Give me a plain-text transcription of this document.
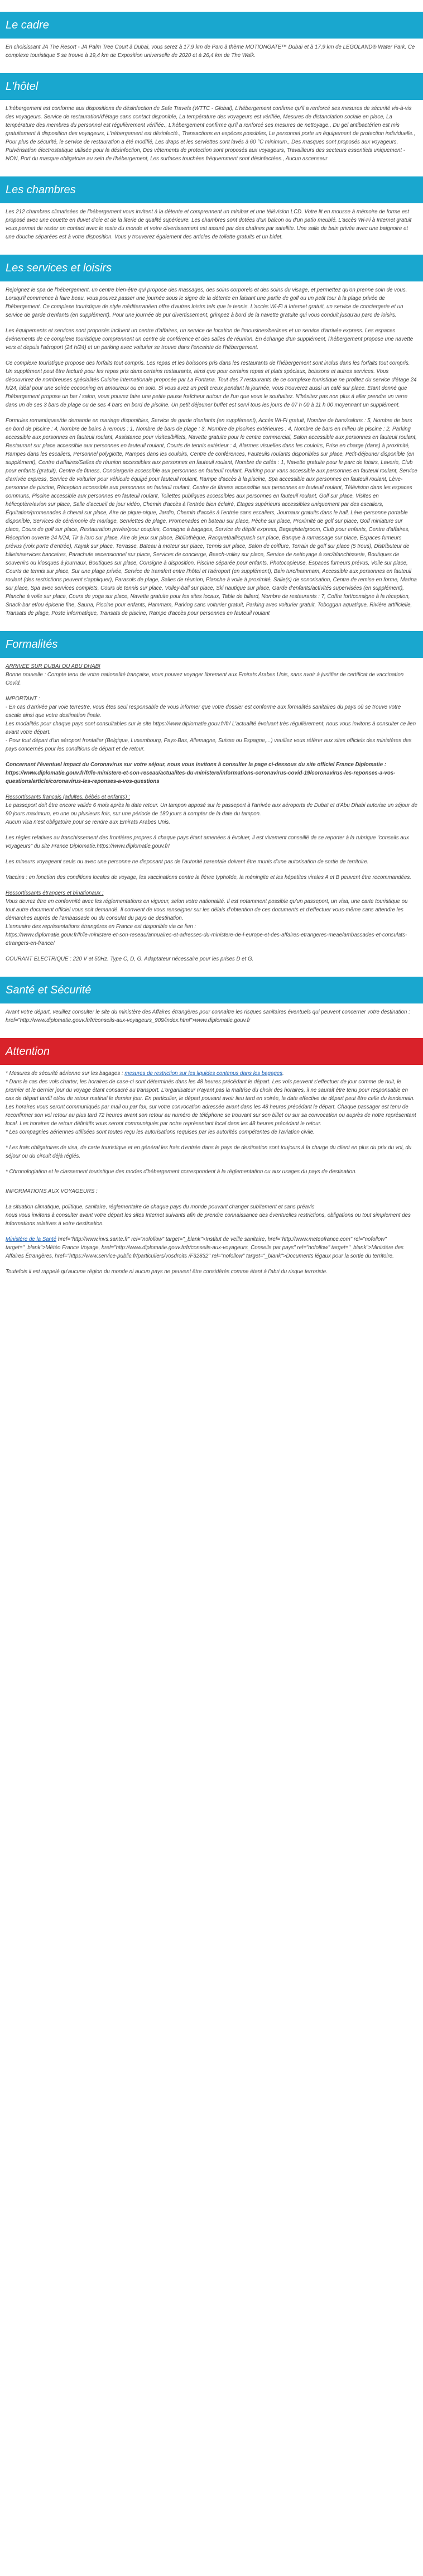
Le cadre

En choisissant JA The Resort - JA Palm Tree Court à Dubaï, vous serez à 17,9 km de Parc à thème MOTIONGATE™ Dubaï et à 17,9 km de LEGOLAND® Water Park. Ce complexe touristique 5 se trouve à 19,4 km de Exposition universelle de 2020 et à 26,4 km de The Walk.

L'hôtel

L'hébergement est conforme aux dispositions de désinfection de Safe Travels (WTTC - Global), L'hébergement confirme qu'il a renforcé ses mesures de sécurité vis-à-vis des voyageurs. Service de restauration/d'étage sans contact disponible, La température des voyageurs est vérifiée, Mesures de distanciation sociale en place, La température des membres du personnel est régulièrement vérifiée., L'hébergement confirme qu'il a renforcé ses mesures de nettoyage., Du gel antibactérien est mis gratuitement à disposition des voyageurs, L'hébergement est désinfecté., Transactions en espèces possibles, Le personnel porte un équipement de protection individuelle., Pour plus de sécurité, le service de restauration a été modifié, Les draps et les serviettes sont lavés à 60 °C minimum., Des masques sont proposés aux voyageurs, Pulvérisation électrostatique utilisée pour la désinfection, Des vêtements de protection sont proposés aux voyageurs, Travailleurs des secteurs essentiels uniquement - NON, Port du masque obligatoire au sein de l'hébergement, Les surfaces touchées fréquemment sont désinfectées., Aucun ascenseur

Les chambres

Les 212 chambres climatisées de l'hébergement vous invitent à la détente et comprennent un minibar et une télévision LCD. Votre lit en mousse à mémoire de forme est proposé avec une couette en duvet d'oie et de la literie de qualité supérieure. Les chambres sont dotées d'un balcon ou d'un patio meublé. L'accès Wi-Fi à Internet gratuit vous permet de rester en contact avec le reste du monde et votre divertissement est assuré par des chaînes par satellite. Une salle de bain privée avec une baignoire et une douche séparées est à votre disposition. Vous y trouverez également des articles de toilette gratuits et un bidet.

Les services et loisirs

Rejoignez le spa de l'hébergement, un centre bien-être qui propose des massages, des soins corporels et des soins du visage, et permettez qu'on prenne soin de vous. Lorsqu'il commence à faire beau, vous pouvez passer une journée sous le signe de la détente en faisant une partie de golf ou un petit tour à la plage privée de l'hébergement. Ce complexe touristique de style méditerranéen offre d'autres loisirs tels que le tennis. L'accès Wi-Fi à Internet gratuit, un service de conciergerie et un service de garde d'enfants (en supplément). Pour une journée de pur divertissement, grimpez à bord de la navette gratuite qui vous conduit jusqu'au parc de loisirs.

Les équipements et services sont proposés incluent un centre d'affaires, un service de location de limousines/berlines et un service d'arrivée express. Les espaces événements de ce complexe touristique comprennent un centre de conférence et des salles de réunion. En échange d'un supplément, l'hébergement propose une navette vers et depuis l'aéroport (24 h/24) et un parking avec voiturier se trouve dans l'enceinte de l'hébergement.

Ce complexe touristique propose des forfaits tout compris. Les repas et les boissons pris dans les restaurants de l'hébergement sont inclus dans les forfaits tout compris. Un supplément peut être facturé pour les repas pris dans certains restaurants, ainsi que pour certains repas et plats spéciaux, boissons et autres services. Vous découvrirez de nombreuses spécialités Cuisine internationale proposée par La Fontana. Tout des 7 restaurants de ce complexe touristique ne profitez du service d'étage 24 h/24, idéal pour une soirée cocooning en amoureux ou en solo. Si vous avez un petit creux pendant la journée, vous trouverez aussi un café sur place. Étant donné que l'hébergement propose un bar / salon, vous pouvez faire une petite pause fraîcheur autour de l'un que vous le souhaitez. N'hésitez pas non plus à aller prendre un verre dans un de ses 3 bars de plage ou de ses 4 bars en bord de piscine. Un petit déjeuner buffet est servi tous les jours de 07 h 00 à 11 h 00 moyennant un supplément.

Formules romantiques/de demande en mariage disponibles, Service de garde d'enfants (en supplément), Accès Wi-Fi gratuit, Nombre de bars/salons : 5, Nombre de bars en bord de piscine : 4, Nombre de bains à remous : 1, Nombre de bars de plage : 3, Nombre de piscines extérieures : 4, Nombre de bars en milieu de piscine : 2, Parking accessible aux personnes en fauteuil roulant, Assistance pour visites/billets, Navette gratuite pour le centre commercial, Salon accessible aux personnes en fauteuil roulant, Restaurant sur place accessible aux personnes en fauteuil roulant, Courts de tennis extérieur : 4, Alarmes visuelles dans les couloirs, Prise en charge (dans) à proximité, Rampes dans les escaliers, Personnel polyglotte, Rampes dans les couloirs, Centre de conférences, Fauteuils roulants disponibles sur place, Petit-déjeuner disponible (en supplément), Centre d'affaires/Salles de réunion accessibles aux personnes en fauteuil roulant, Nombre de cafés : 1, Navette gratuite pour le parc de loisirs, Laverie, Club pour enfants (gratuit), Centre de fitness, Conciergerie accessible aux personnes en fauteuil roulant, Parking pour vans accessible aux personnes en fauteuil roulant, Service d'arrivée express, Service de voiturier pour véhicule équipé pour fauteuil roulant, Rampe d'accès à la piscine, Spa accessible aux personnes en fauteuil roulant, Lève-personne de piscine, Réception accessible aux personnes en fauteuil roulant, Centre de fitness accessible aux personnes en fauteuil roulant, Télévision dans les espaces communs, Piscine accessible aux personnes en fauteuil roulant, Toilettes publiques accessibles aux personnes en fauteuil roulant, Golf sur place, Visites en hélicoptère/avion sur place, Salle d'accueil de jour vidéo, Chemin d'accès à l'entrée bien éclairé, Étages supérieurs accessibles uniquement par des escaliers, Équitation/promenades à cheval sur place, Aire de pique-nique, Jardin, Chemin d'accès à l'entrée sans escaliers, Journaux gratuits dans le hall, Lève-personne portable disponible, Services de cérémonie de mariage, Serviettes de plage, Promenades en bateau sur place, Pêche sur place, Proximité de golf sur place, Golf miniature sur place, Cours de golf sur place, Restauration privée/pour couples, Consigne à bagages, Service de dépôt express, Bagagiste/groom, Club pour enfants, Centre d'affaires, Réception ouverte 24 h/24, Tir à l'arc sur place, Aire de jeux sur place, Bibliothèque, Racquetball/squash sur place, Banque à ramassage sur place, Espaces fumeurs prévus (voix porte d'entrée), Kayak sur place, Terrasse, Bateau à moteur sur place, Tennis sur place, Salon de coiffure, Terrain de golf sur place (5 trous), Distributeur de billets/services bancaires, Parachute ascensionnel sur place, Services de concierge, Beach-volley sur place, Service de nettoyage à sec/blanchisserie, Boutiques de souvenirs ou kiosques à journaux, Boutiques sur place, Consigne à disposition, Piscine séparée pour enfants, Photocopieuse, Espaces fumeurs prévus, Voile sur place, Courts de tennis sur place, Sur une plage privée, Service de transfert entre l'hôtel et l'aéroport (en supplément), Bain turc/hammam, Accessible aux personnes en fauteuil roulant (des restrictions peuvent s'appliquer), Parasols de plage, Salles de réunion, Planche à voile à proximité, Salle(s) de sonorisation, Centre de remise en forme, Marina sur place, Spa avec services complets, Cours de tennis sur place, Volley-ball sur place, Ski nautique sur place, Garde d'enfants/activités supervisées (en supplément), Planche à voile sur place, Cours de yoga sur place, Navette gratuite pour les sites locaux, Table de billard, Nombre de restaurants : 7, Coffre fort/consigne à la réception, Snack-bar et/ou épicerie fine, Sauna, Piscine pour enfants, Hammam, Parking sans voiturier gratuit, Parking avec voiturier gratuit, Toboggan aquatique, Rivière artificielle, Transats de plage, Poste informatique, Transats de piscine, Rampe d'accès pour personnes en fauteuil roulant

Formalités

ARRIVEE SUR DUBAI OU ABU DHABI

Bonne nouvelle : Compte tenu de votre nationalité française, vous pouvez voyager librement aux Emirats Arabes Unis, sans avoir à justifier de certificat de vaccination Covid.

IMPORTANT :

- En cas d'arrivée par voie terrestre, vous êtes seul responsable de vous informer que votre dossier est conforme aux formalités sanitaires du pays où se trouve votre escale ainsi que votre destination finale.
Les modalités pour chaque pays sont consultables sur le site https://www.diplomatie.gouv.fr/fr/ L'actualité évoluant très régulièrement, nous vous invitons à consulter ce lien avant votre départ.
- Pour tout départ d'un aéroport frontalier (Belgique, Luxembourg, Pays-Bas, Allemagne, Suisse ou Espagne,...) veuillez vous référer aux sites officiels des ministères des pays concernés pour les conditions de départ et de retour.

Concernant l'éventuel impact du Coronavirus sur votre séjour, nous vous invitons à consulter la page ci-dessous du site officiel France Diplomatie :
https://www.diplomatie.gouv.fr/fr/le-ministere-et-son-reseau/actualites-du-ministere/informations-coronavirus-covid-19/coronavirus-les-reponses-a-vos-questions/article/coronavirus-les-reponses-a-vos-questions

Ressortissants français (adultes, bébés et enfants) :

Le passeport doit être encore valide 6 mois après la date retour. Un tampon apposé sur le passeport à l'arrivée aux aéroports de Dubaï et d'Abu Dhabi autorise un séjour de 90 jours maximum, en une ou plusieurs fois, sur une période de 180 jours à compter de la date du tampon.
Aucun visa n'est obligatoire pour se rendre aux Emirats Arabes Unis.

Les règles relatives au franchissement des frontières propres à chaque pays étant amenées à évoluer, il est vivement conseillé de se reporter à la rubrique "conseils aux voyageurs" du site France Diplomatie.https://www.diplomatie.gouv.fr/

Les mineurs voyageant seuls ou avec une personne ne disposant pas de l'autorité parentale doivent être munis d'une autorisation de sortie de territoire.

Vaccins : en fonction des conditions locales de voyage, les vaccinations contre la fièvre typhoïde, la méningite et les hépatites virales A et B peuvent être recommandées.

Ressortissants étrangers et binationaux :

Vous devrez être en conformité avec les réglementations en vigueur, selon votre nationalité. Il est notamment possible qu'un passeport, un visa, une carte touristique ou tout autre document officiel vous soit demandé. Il convient de vous renseigner sur les délais d'obtention de ces documents et d'effectuer vous-même sans attendre les démarches auprès de l'ambassade ou du consulat du pays de destination.
L'annuaire des représentations étrangères en France est disponible via ce lien :
https://www.diplomatie.gouv.fr/fr/le-ministere-et-son-reseau/annuaires-et-adresses-du-ministere-de-l-europe-et-des-affaires-etrangeres-meae/ambassades-et-consulats-etrangers-en-france/

COURANT ELECTRIQUE : 220 V et 50Hz. Type C, D, G. Adaptateur nécessaire pour les prises D et G.

Santé et Sécurité

Avant votre départ, veuillez consulter le site du ministère des Affaires étrangères pour connaître les risques sanitaires éventuels qui peuvent concerner votre destination : href="http://www.diplomatie.gouv.fr/fr/conseils-aux-voyageurs_909/index.html">www.diplomatie.gouv.fr

Attention

* Mesures de sécurité aérienne sur les bagages : mesures de restriction sur les liquides contenus dans les bagages.
* Dans le cas des vols charter, les horaires de case-ci sont déterminés dans les 48 heures précédant le départ. Les vols peuvent s'effectuer de jour comme de nuit, le premier et le dernier jour du voyage étant consacré au transport. L'organisateur n'ayant pas la maîtrise du choix des horaires, il ne saurait être tenu pour responsable en cas de départ tardif et/ou de retour matinal le dernier jour. En particulier, le départ pouvant avoir lieu tard en soirée, la date effective de départ peut être celle du lendemain. Les horaires vous seront communiqués par mail ou par fax, sur votre convocation adressée avant dans les 48 heures précédant le départ. Chaque passager est tenu de reconfirmer son vol retour au plus tard 72 heures avant son retour au numéro de téléphone se trouvant sur son billet ou sur sa convocation ou auprès de notre représentant local. Les horaires de retour définitifs vous seront communiqués par notre représentant local dans les 48 heures précédant le retour.
* Les compagnies aériennes utilisées sont toutes reçu les autorisations requises par les autorités compétentes de l'aviation civile.

* Les frais obligatoires de visa, de carte touristique et en général les frais d'entrée dans le pays de destination sont toujours à la charge du client en plus du prix du vol, du séjour ou du circuit déjà réglés.

* Chronologiation et le classement touristique des modes d'hébergement correspondent à la réglementation ou aux usages du pays de destination.

INFORMATIONS AUX VOYAGEURS :

La situation climatique, politique, sanitaire, réglementaire de chaque pays du monde pouvant changer subitement et sans préavis
nous vous invitons à consulter avant votre départ les sites Internet suivants afin de prendre connaissance des éventuelles restrictions, obligations ou tout simplement des informations relatives à votre destination.

Ministère de la Santé href="http://www.invs.sante.fr" rel="nofollow" target="_blank">Institut de veille sanitaire, href="http://www.meteofrance.com" rel="nofollow" target="_blank">Météo France Voyage, href="http://www.diplomatie.gouv.fr/fr/conseils-aux-voyageurs_Conseils par pays" rel="nofollow" target="_blank">Ministère des Affaires Étrangères, href="https://www.service-public.fr/particuliers/vosdroits /F32832" rel="nofollow" target="_blank">Documents légaux pour la sortie du territoire.

Toutefois il est rappelé qu'aucune région du monde ni aucun pays ne peuvent être considérés comme étant à l'abri du risque terroriste.
